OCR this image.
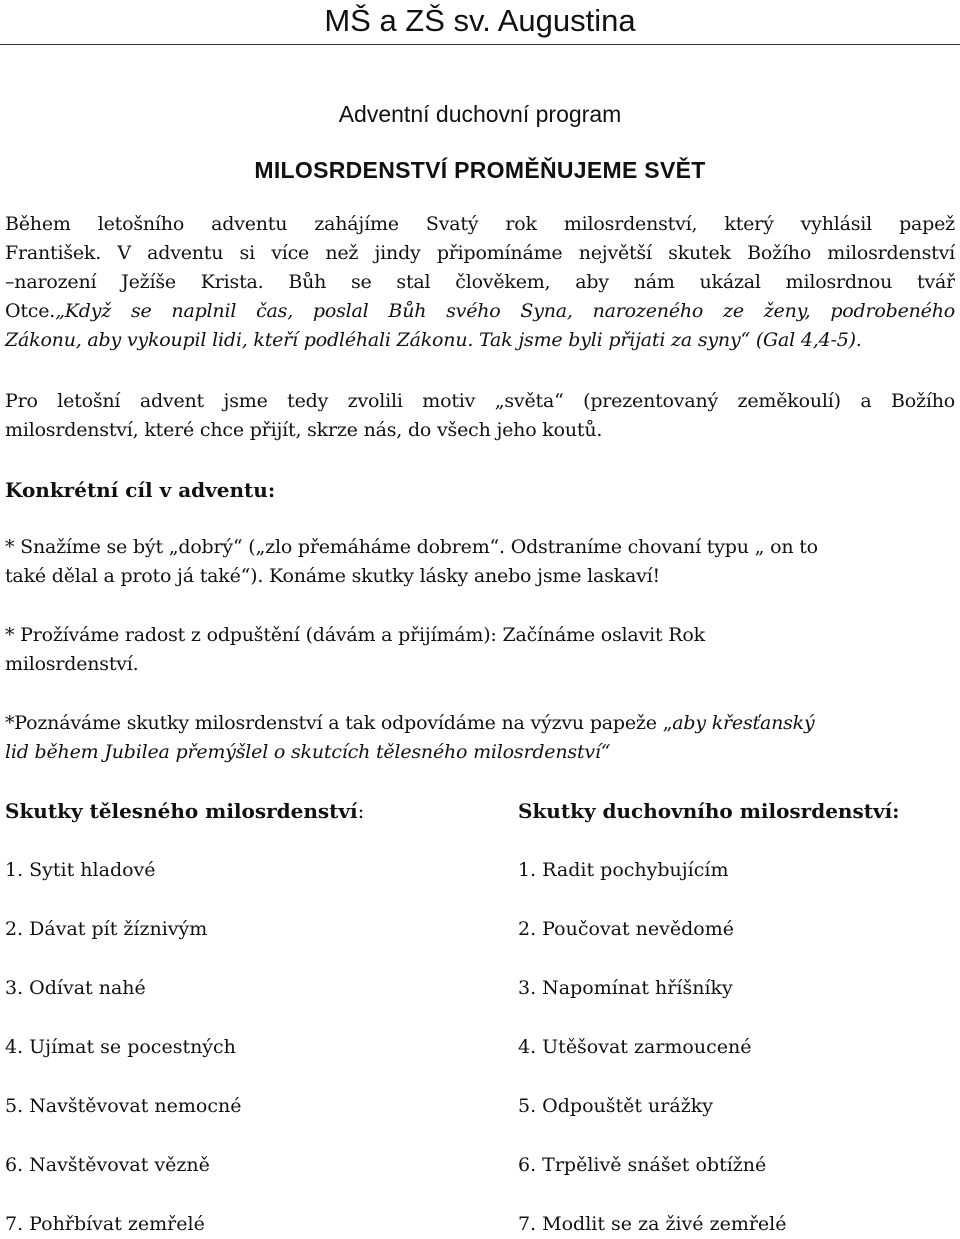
MŠ a ZŠ sv. Augustina
Adventní duchovní program
MILOSRDENSTVÍ PROMĚŇUJEME SVĚT
Během letošního adventu zahájíme Svatý rok milosrdenství, který vyhlásil papež
František. V adventu si více než jindy připomínáme největší skutek Božího milosrdenství
–narození Ježíše Krista. Bůh se stal člověkem, aby nám ukázal milosrdnou tvář
Otce.„Když se naplnil čas, poslal Bůh svého Syna, narozeného ze ženy, podrobeného
Zákonu, aby vykoupil lidi, kteří podléhali Zákonu. Tak jsme byli přijati za syny“ (Gal 4,4-5).
Pro letošní advent jsme tedy zvolili motiv „světa“ (prezentovaný zeměkoulí) a Božího
milosrdenství, které chce přijít, skrze nás, do všech jeho koutů.
Konkrétní cíl v adventu:
* Snažíme se být „dobrý“ („zlo přemáháme dobrem“. Odstraníme chovaní typu „ on to
také dělal a proto já také“). Konáme skutky lásky anebo jsme laskaví!
* Prožíváme radost z odpuštění (dávám a přijímám): Začínáme oslavit Rok
milosrdenství.
*Poznáváme skutky milosrdenství a tak odpovídáme na výzvu papeže „aby křesťanský
lid během Jubilea přemýšlel o skutcích tělesného milosrdenství“
Skutky tělesného milosrdenství:	Skutky duchovního milosrdenství:
1. Sytit hladové
2. Dávat pít žíznivým
3. Odívat nahé
4. Ujímat se pocestných
5. Navštěvovat nemocné
6. Navštěvovat vězně
7. Pohřbívat zemřelé
1. Radit pochybujícím
2. Poučovat nevědomé
3. Napomínat hříšníky
4. Utěšovat zarmoucené
5. Odpouštět urážky
6. Trpělivě snášet obtížné
7. Modlit se za živé zemřelé
